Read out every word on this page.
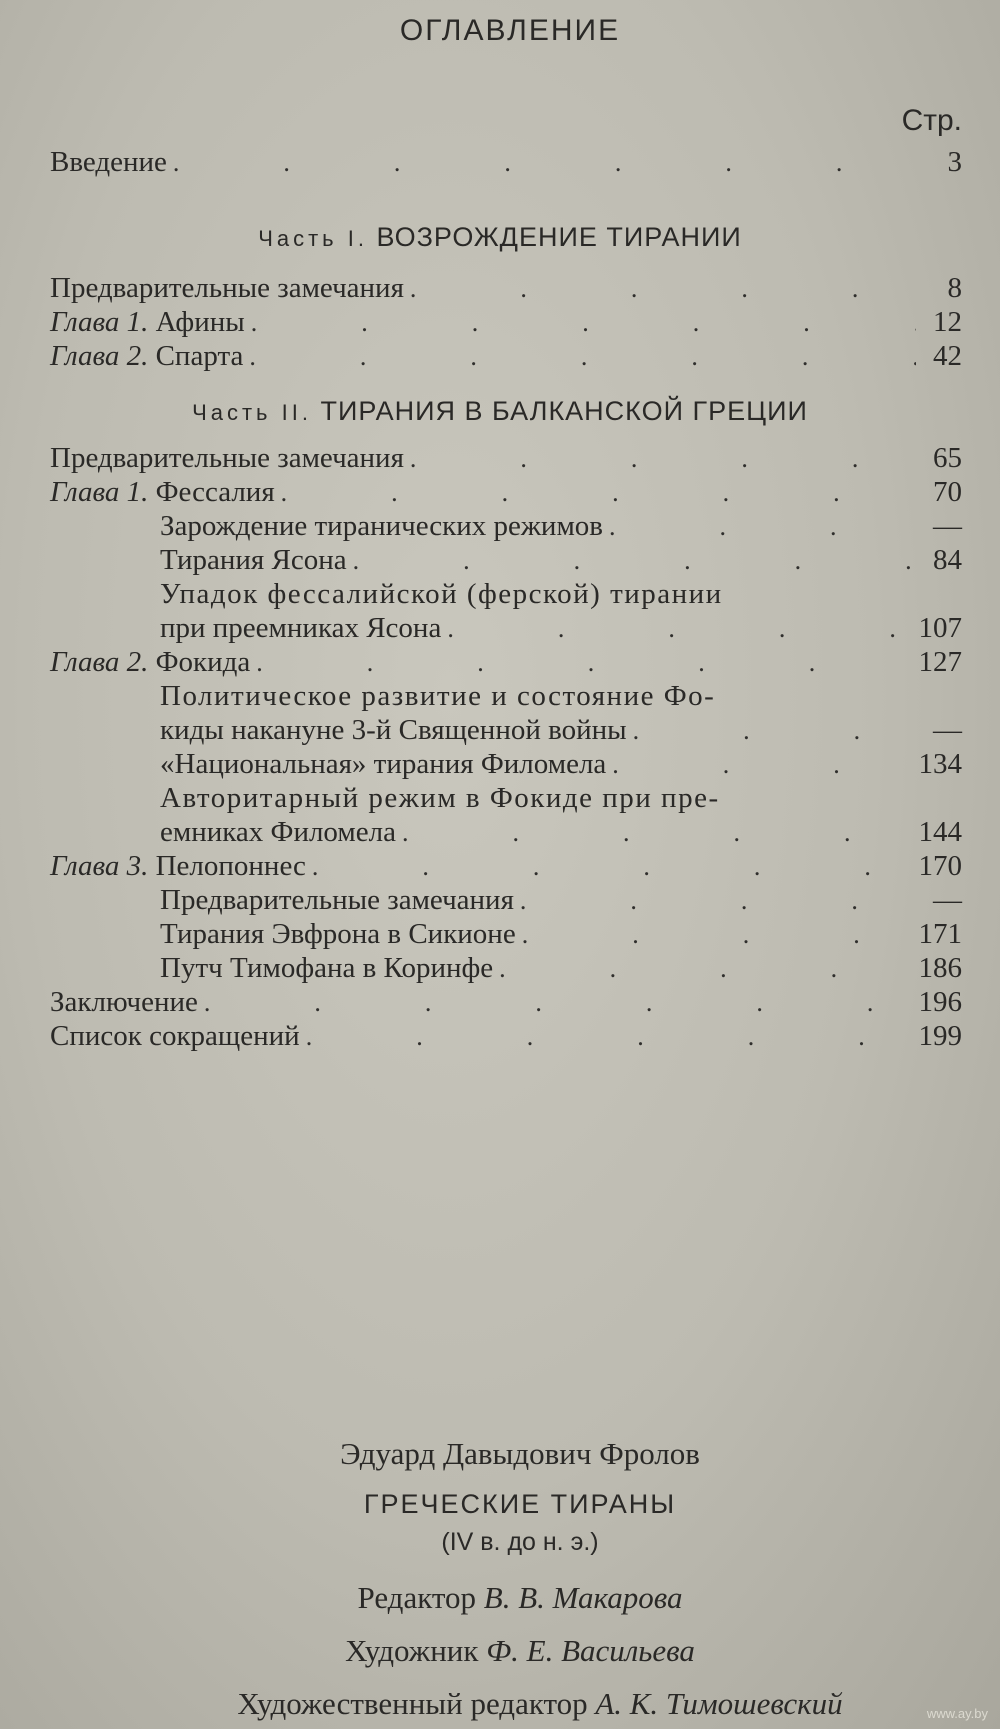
ОГЛАВЛЕНИЕ
Стр.
Введение .	3
Часть I. ВОЗРОЖДЕНИЕ ТИРАНИИ
Предварительные замечания .	8
Глава 1. Афины .	12
Глава 2. Спарта .	42
Часть II. ТИРАНИЯ В БАЛКАНСКОЙ ГРЕЦИИ
Предварительные замечания .	65
Глава 1. Фессалия .	70
Зарождение тиранических режимов .	—
Тирания Ясона .	84
Упадок фессалийской (ферской) тирании
при преемниках Ясона .	107
Глава 2. Фокида .	127
Политическое развитие и состояние Фо-
киды накануне 3-й Священной войны .	—
«Национальная» тирания Филомела .	134
Авторитарный режим в Фокиде при пре-
емниках Филомела .	144
Глава 3. Пелопоннес .	170
Предварительные замечания .	—
Тирания Эвфрона в Сикионе .	171
Путч Тимофана в Коринфе .	186
Заключение .	196
Список сокращений .	199
Эдуард Давыдович Фролов
ГРЕЧЕСКИЕ ТИРАНЫ
(IV в. до н. э.)
Редактор В. В. Макарова
Художник Ф. Е. Васильева
Художественный редактор А. К. Тимошевский	www.ay.by
